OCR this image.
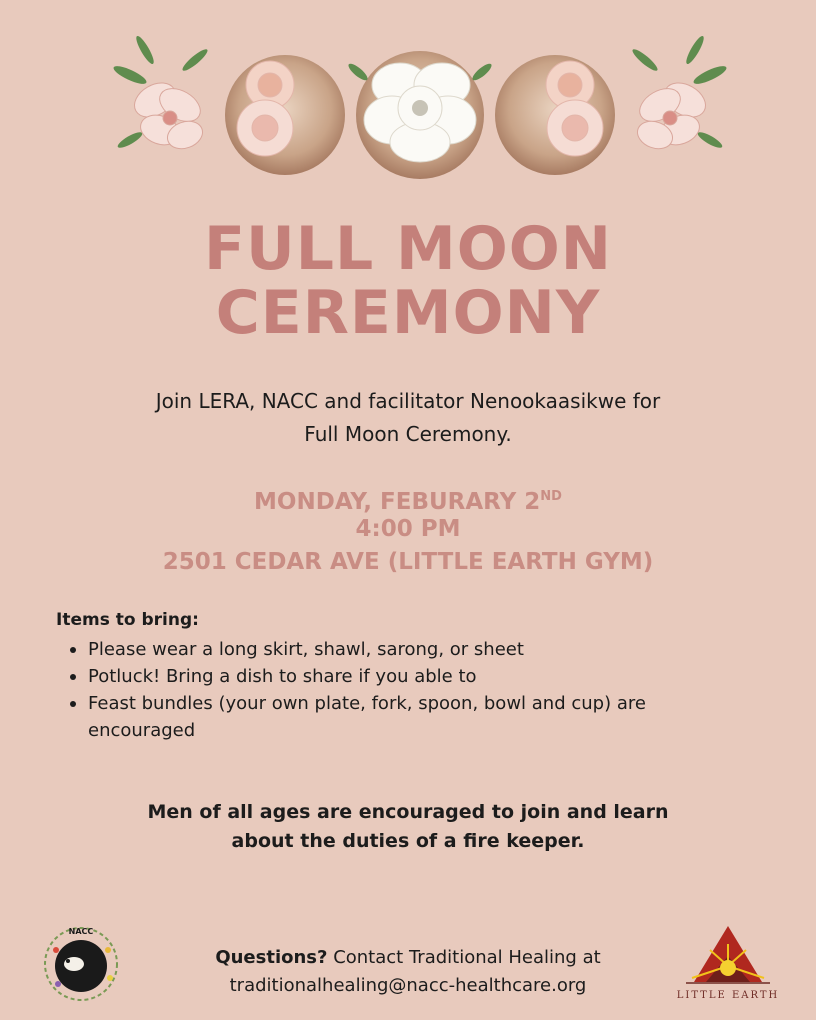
FULL MOON
CEREMONY
Join LERA, NACC and facilitator Nenookaasikwe for
Full Moon Ceremony.
MONDAY, FEBURARY 2ND
4:00 PM
2501 CEDAR AVE (LITTLE EARTH GYM)
Items to bring:
Please wear a long skirt, shawl, sarong, or sheet
Potluck! Bring a dish to share if you able to
Feast bundles (your own plate, fork, spoon, bowl and cup) are encouraged
Men of all ages are encouraged to join and learn
about the duties of a fire keeper.
Questions? Contact Traditional Healing at
traditionalhealing@nacc-healthcare.org
NACC
LITTLE EARTH
